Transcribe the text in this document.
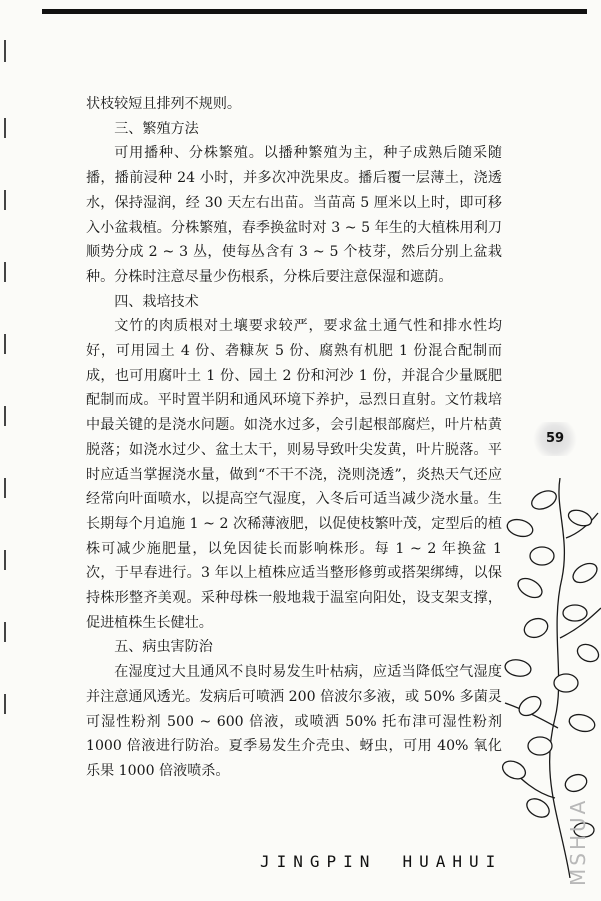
状枝较短且排列不规则。

三、繁殖方法

可用播种、分株繁殖。以播种繁殖为主，种子成熟后随采随播，播前浸种 24 小时，并多次冲洗果皮。播后覆一层薄土，浇透水，保持湿润，经 30 天左右出苗。当苗高 5 厘米以上时，即可移入小盆栽植。分株繁殖，春季换盆时对 3 ~ 5 年生的大植株用利刀顺势分成 2 ~ 3 丛，使每丛含有 3 ~ 5 个枝芽，然后分别上盆栽种。分株时注意尽量少伤根系，分株后要注意保湿和遮荫。

四、栽培技术

文竹的肉质根对土壤要求较严，要求盆土通气性和排水性均好，可用园土 4 份、砻糠灰 5 份、腐熟有机肥 1 份混合配制而成，也可用腐叶土 1 份、园土 2 份和河沙 1 份，并混合少量厩肥配制而成。平时置半阴和通风环境下养护，忌烈日直射。文竹栽培中最关键的是浇水问题。如浇水过多，会引起根部腐烂，叶片枯黄脱落；如浇水过少、盆土太干，则易导致叶尖发黄，叶片脱落。平时应适当掌握浇水量，做到“不干不浇，浇则浇透”，炎热天气还应经常向叶面喷水，以提高空气湿度，入冬后可适当减少浇水量。生长期每个月追施 1 ~ 2 次稀薄液肥，以促使枝繁叶茂，定型后的植株可减少施肥量，以免因徒长而影响株形。每 1 ~ 2 年换盆 1 次，于早春进行。3 年以上植株应适当整形修剪或搭架绑缚，以保持株形整齐美观。采种母株一般地栽于温室向阳处，设支架支撑，促进植株生长健壮。

五、病虫害防治

在湿度过大且通风不良时易发生叶枯病，应适当降低空气湿度并注意通风透光。发病后可喷洒 200 倍波尔多液，或 50% 多菌灵可湿性粉剂 500 ~ 600 倍液，或喷洒 50% 托布津可湿性粉剂 1000 倍液进行防治。夏季易发生介壳虫、蚜虫，可用 40% 氧化乐果 1000 倍液喷杀。

59
JINGPIN HUAHUI	MSHUA
